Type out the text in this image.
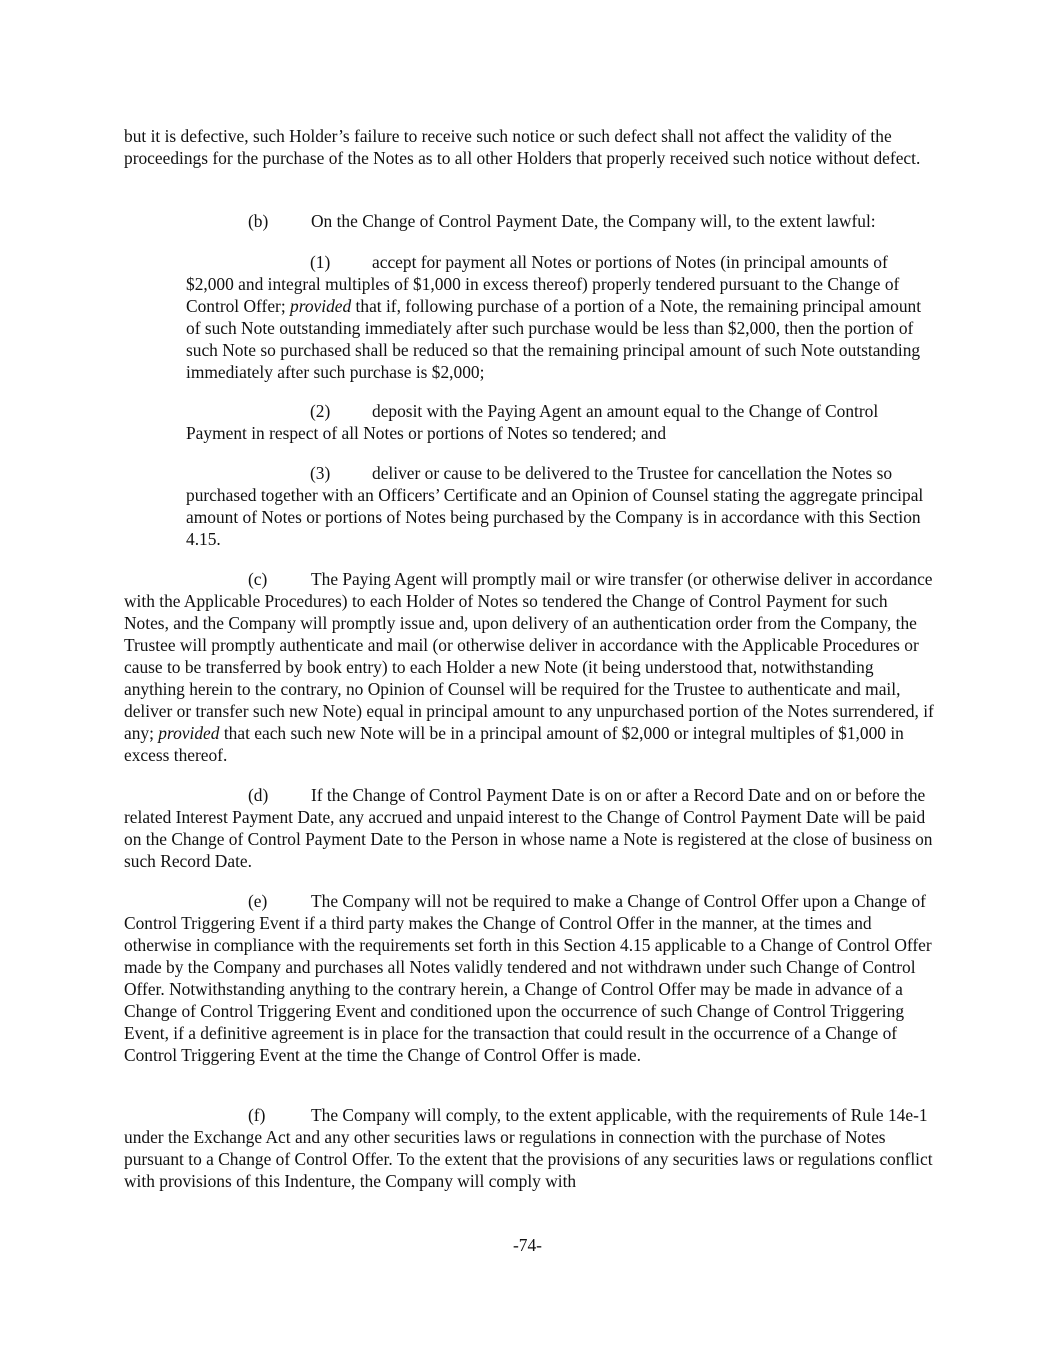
but it is defective, such Holder’s failure to receive such notice or such defect shall not affect the validity of the proceedings for the purchase of the Notes as to all other Holders that properly received such notice without defect.

(b) On the Change of Control Payment Date, the Company will, to the extent lawful:

(1) accept for payment all Notes or portions of Notes (in principal amounts of $2,000 and integral multiples of $1,000 in excess thereof) properly tendered pursuant to the Change of Control Offer; provided that if, following purchase of a portion of a Note, the remaining principal amount of such Note outstanding immediately after such purchase would be less than $2,000, then the portion of such Note so purchased shall be reduced so that the remaining principal amount of such Note outstanding immediately after such purchase is $2,000;

(2) deposit with the Paying Agent an amount equal to the Change of Control Payment in respect of all Notes or portions of Notes so tendered; and

(3) deliver or cause to be delivered to the Trustee for cancellation the Notes so purchased together with an Officers’ Certificate and an Opinion of Counsel stating the aggregate principal amount of Notes or portions of Notes being purchased by the Company is in accordance with this Section 4.15.

(c)	The Paying Agent will promptly mail or wire transfer (or otherwise deliver in accordance with the Applicable Procedures) to each Holder of Notes so tendered the Change of Control Payment for such Notes, and the Company will promptly issue and, upon delivery of an authentication order from the Company, the Trustee will promptly authenticate and mail (or otherwise deliver in accordance with the Applicable Procedures or cause to be transferred by book entry) to each Holder a new Note (it being understood that, notwithstanding anything herein to the contrary, no Opinion of Counsel will be required for the Trustee to authenticate and mail, deliver or transfer such new Note) equal in principal amount to any unpurchased portion of the Notes surrendered, if any; provided that each such new Note will be in a principal amount of $2,000 or integral multiples of $1,000 in excess thereof.

(d) If the Change of Control Payment Date is on or after a Record Date and on or before the related Interest Payment Date, any accrued and unpaid interest to the Change of Control Payment Date will be paid on the Change of Control Payment Date to the Person in whose name a Note is registered at the close of business on such Record Date.

(e)	The Company will not be required to make a Change of Control Offer upon a Change of Control Triggering Event if a third party makes the Change of Control Offer in the manner, at the times and otherwise in compliance with the requirements set forth in this Section 4.15 applicable to a Change of Control Offer made by the Company and purchases all Notes validly tendered and not withdrawn under such Change of Control Offer. Notwithstanding anything to the contrary herein, a Change of Control Offer may be made in advance of a Change of Control Triggering Event and conditioned upon the occurrence of such Change of Control Triggering Event, if a definitive agreement is in place for the transaction that could result in the occurrence of a Change of Control Triggering Event at the time the Change of Control Offer is made.

(f)	The Company will comply, to the extent applicable, with the requirements of Rule 14e-1 under the Exchange Act and any other securities laws or regulations in connection with the purchase of Notes pursuant to a Change of Control Offer. To the extent that the provisions of any securities laws or regulations conflict with provisions of this Indenture, the Company will comply with

-74-
